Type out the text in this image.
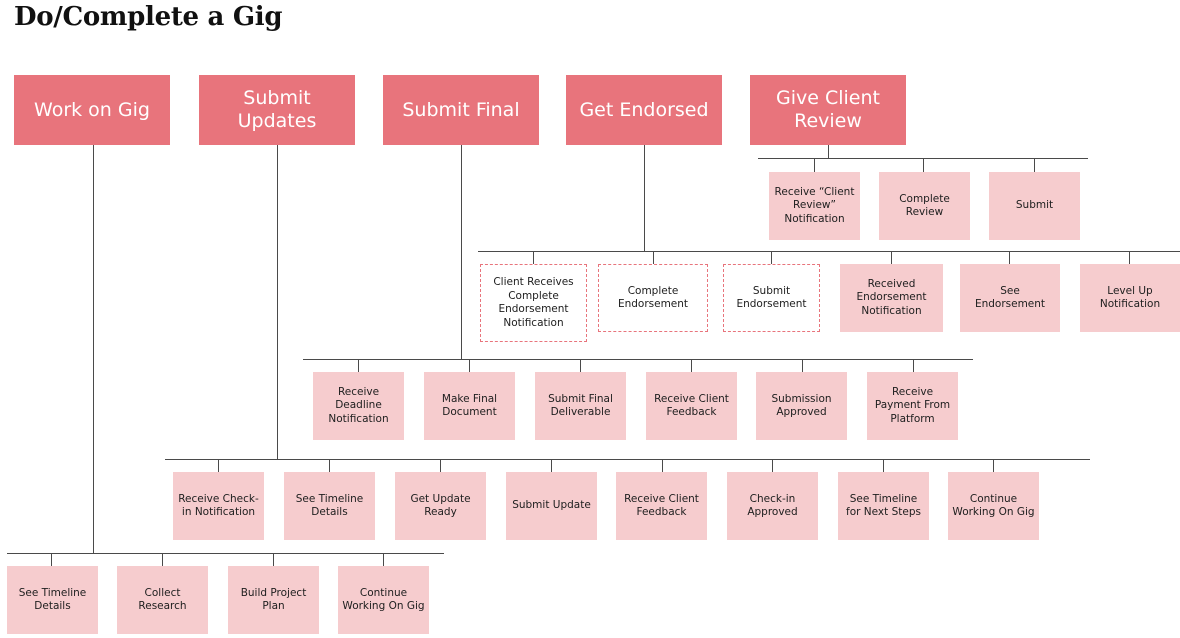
Do/Complete a Gig
Work on Gig
Submit Updates
Submit Final	Get Endorsed
Give Client Review
Receive “Client Review” Notification
Complete Review
Submit
Client Receives Complete Endorsement Notification
Complete Endorsement
Submit Endorsement
Received Endorsement Notification
See Endorsement
Level Up Notification
Receive Deadline Notification
Make Final Document
Submit Final Deliverable
Receive Client Feedback
Submission Approved
Receive Payment From Platform
Receive Check-in Notification
See Timeline Details
Get Update Ready
Submit Update
Receive Client Feedback
Check-in Approved
See Timeline for Next Steps
Continue Working On Gig
See Timeline Details
Collect Research
Build Project Plan
Continue Working On Gig
